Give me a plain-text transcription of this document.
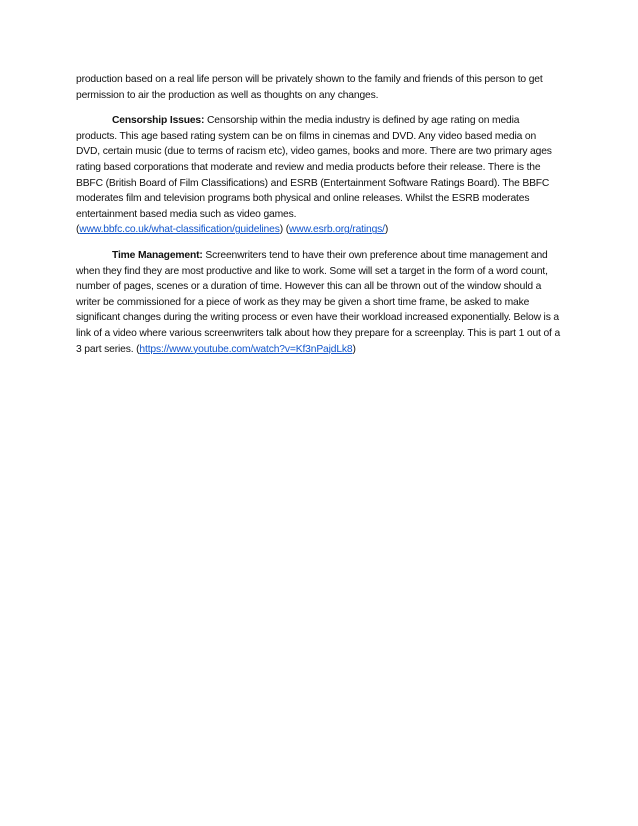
production based on a real life person will be privately shown to the family and friends of this person to get permission to air the production as well as thoughts on any changes.

Censorship Issues: Censorship within the media industry is defined by age rating on media products. This age based rating system can be on films in cinemas and DVD. Any video based media on DVD, certain music (due to terms of racism etc), video games, books and more. There are two primary ages rating based corporations that moderate and review and media products before their release. There is the BBFC (British Board of Film Classifications) and ESRB (Entertainment Software Ratings Board). The BBFC moderates film and television programs both physical and online releases. Whilst the ESRB moderates entertainment based media such as video games.
(www.bbfc.co.uk/what-classification/guidelines) (www.esrb.org/ratings/)

Time Management: Screenwriters tend to have their own preference about time management and when they find they are most productive and like to work. Some will set a target in the form of a word count, number of pages, scenes or a duration of time. However this can all be thrown out of the window should a writer be commissioned for a piece of work as they may be given a short time frame, be asked to make significant changes during the writing process or even have their workload increased exponentially. Below is a link of a video where various screenwriters talk about how they prepare for a screenplay. This is part 1 out of a 3 part series. (https://www.youtube.com/watch?v=Kf3nPajdLk8)
